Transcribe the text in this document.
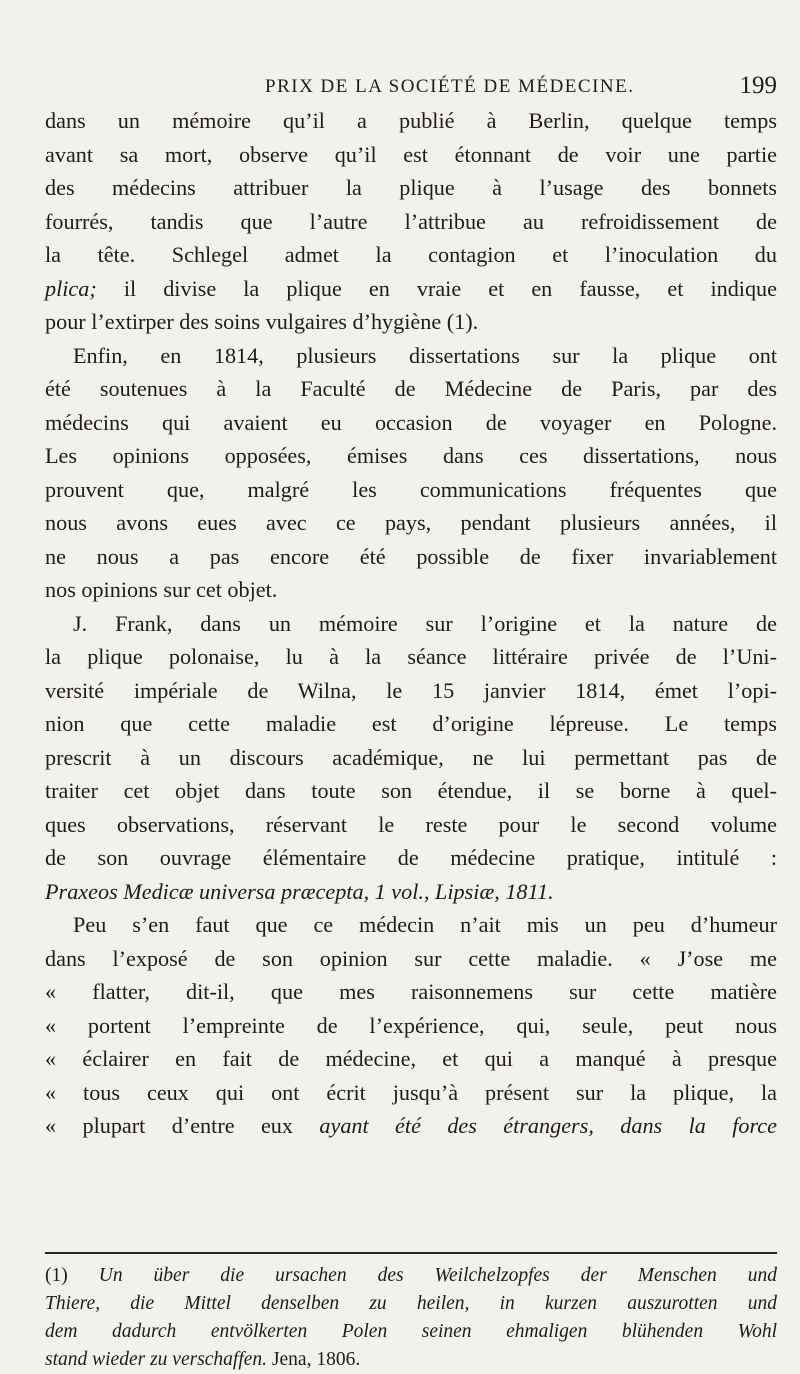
PRIX DE LA SOCIÉTÉ DE MÉDECINE.	199
dans un mémoire qu’il a publié à Berlin, quelque temps
avant sa mort, observe qu’il est étonnant de voir une partie
des médecins attribuer la plique à l’usage des bonnets
fourrés, tandis que l’autre l’attribue au refroidissement de
la tête. Schlegel admet la contagion et l’inoculation du
plica; il divise la plique en vraie et en fausse, et indique
pour l’extirper des soins vulgaires d’hygiène (1).
Enfin, en 1814, plusieurs dissertations sur la plique ont
été soutenues à la Faculté de Médecine de Paris, par des
médecins qui avaient eu occasion de voyager en Pologne.
Les opinions opposées, émises dans ces dissertations, nous
prouvent que, malgré les communications fréquentes que
nous avons eues avec ce pays, pendant plusieurs années, il
ne nous a pas encore été possible de fixer invariablement
nos opinions sur cet objet.
J. Frank, dans un mémoire sur l’origine et la nature de
la plique polonaise, lu à la séance littéraire privée de l’Uni-
versité impériale de Wilna, le 15 janvier 1814, émet l’opi-
nion que cette maladie est d’origine lépreuse. Le temps
prescrit à un discours académique, ne lui permettant pas de
traiter cet objet dans toute son étendue, il se borne à quel-
ques observations, réservant le reste pour le second volume
de son ouvrage élémentaire de médecine pratique, intitulé :
Praxeos Medicæ universa præcepta, 1 vol., Lipsiæ, 1811.
Peu s’en faut que ce médecin n’ait mis un peu d’humeur
dans l’exposé de son opinion sur cette maladie. « J’ose me
« flatter, dit-il, que mes raisonnemens sur cette matière
« portent l’empreinte de l’expérience, qui, seule, peut nous
« éclairer en fait de médecine, et qui a manqué à presque
« tous ceux qui ont écrit jusqu’à présent sur la plique, la
« plupart d’entre eux ayant été des étrangers, dans la force
(1) Un über die ursachen des Weilchelzopfes der Menschen und
Thiere, die Mittel denselben zu heilen, in kurzen auszurotten und
dem dadurch entvölkerten Polen seinen ehmaligen blühenden Wohl
stand wieder zu verschaffen. Jena, 1806.
